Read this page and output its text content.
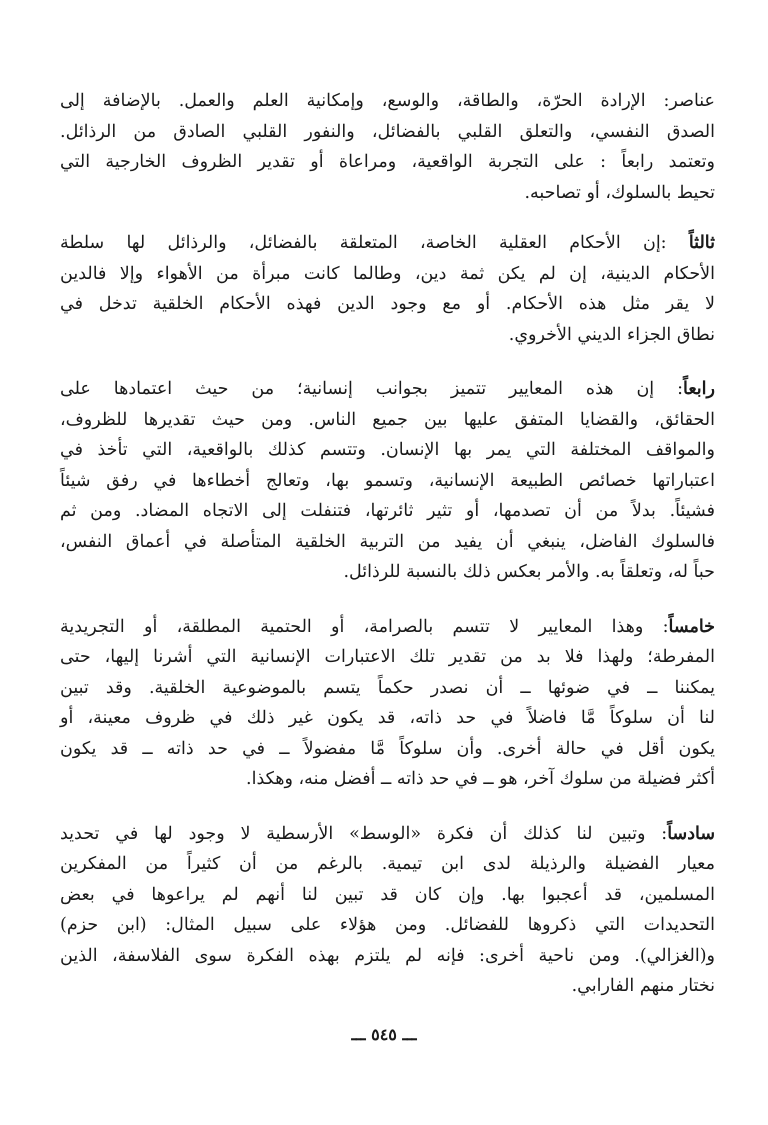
عناصر: الإرادة الحرّة، والطاقة، والوسع، وإمكانية العلم والعمل. بالإضافة إلى
الصدق النفسي، والتعلق القلبي بالفضائل، والنفور القلبي الصادق من الرذائل.
وتعتمد رابعاً : على التجربة الواقعية، ومراعاة أو تقدير الظروف الخارجية التي
تحيط بالسلوك، أو تصاحبه.

ثالثاً :إن الأحكام العقلية الخاصة، المتعلقة بالفضائل، والرذائل لها سلطة
الأحكام الدينية، إن لم يكن ثمة دين، وطالما كانت مبرأة من الأهواء وإلا فالدين
لا يقر مثل هذه الأحكام. أو مع وجود الدين فهذه الأحكام الخلقية تدخل في
نطاق الجزاء الديني الأخروي.

رابعاً: إن هذه المعايير تتميز بجوانب إنسانية؛ من حيث اعتمادها على
الحقائق، والقضايا المتفق عليها بين جميع الناس. ومن حيث تقديرها للظروف،
والمواقف المختلفة التي يمر بها الإنسان. وتتسم كذلك بالواقعية، التي تأخذ في
اعتباراتها خصائص الطبيعة الإنسانية، وتسمو بها، وتعالج أخطاءها في رفق شيئاً
فشيئاً. بدلاً من أن تصدمها، أو تثير ثائرتها، فتنفلت إلى الاتجاه المضاد. ومن ثم
فالسلوك الفاضل، ينبغي أن يفيد من التربية الخلقية المتأصلة في أعماق النفس،
حباً له، وتعلقاً به. والأمر بعكس ذلك بالنسبة للرذائل.

خامساً: وهذا المعايير لا تتسم بالصرامة، أو الحتمية المطلقة، أو التجريدية
المفرطة؛ ولهذا فلا بد من تقدير تلك الاعتبارات الإنسانية التي أشرنا إليها، حتى
يمكننا ــ في ضوئها ــ أن نصدر حكماً يتسم بالموضوعية الخلقية. وقد تبين
لنا أن سلوكاً مَّا فاضلاً في حد ذاته، قد يكون غير ذلك في ظروف معينة، أو
يكون أقل في حالة أخرى. وأن سلوكاً مَّا مفضولاً ــ في حد ذاته ــ قد يكون
أكثر فضيلة من سلوك آخر، هو ــ في حد ذاته ــ أفضل منه، وهكذا.

سادساً: وتبين لنا كذلك أن فكرة «الوسط» الأرسطية لا وجود لها في تحديد
معيار الفضيلة والرذيلة لدى ابن تيمية. بالرغم من أن كثيراً من المفكرين
المسلمين، قد أعجبوا بها. وإن كان قد تبين لنا أنهم لم يراعوها في بعض
التحديدات التي ذكروها للفضائل. ومن هؤلاء على سبيل المثال: (ابن حزم)
و(الغزالي). ومن ناحية أخرى: فإنه لم يلتزم بهذه الفكرة سوى الفلاسفة، الذين
نختار منهم الفارابي.

ـــ ٥٤٥ ـــ
